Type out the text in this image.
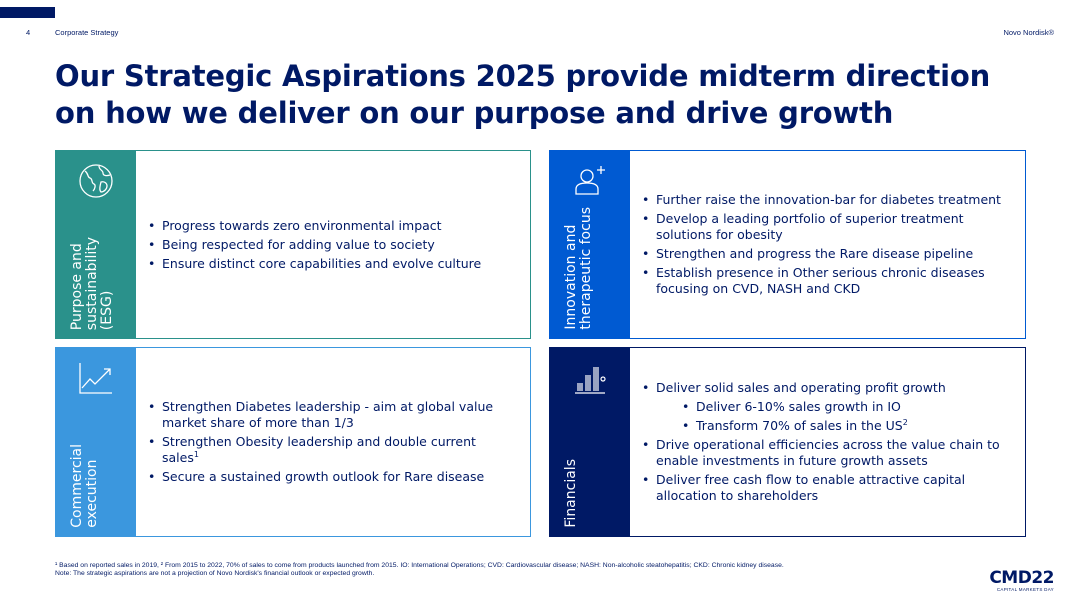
4	Corporate Strategy	Novo Nordisk®
Our Strategic Aspirations 2025 provide midterm direction on how we deliver on our purpose and drive growth
Purpose and
sustainability
(ESG)
• Progress towards zero environmental impact
• Being respected for adding value to society
• Ensure distinct core capabilities and evolve culture	Innovation and
therapeutic focus
• Further raise the innovation-bar for diabetes treatment
• Develop a leading portfolio of superior treatment solutions for obesity
• Strengthen and progress the Rare disease pipeline
• Establish presence in Other serious chronic diseases focusing on CVD, NASH and CKD
Commercial
execution
• Strengthen Diabetes leadership - aim at global value market share of more than 1/3
• Strengthen Obesity leadership and double current sales$^1$
• Secure a sustained growth outlook for Rare disease	Financials
• Deliver solid sales and operating profit growth
• Deliver 6-10% sales growth in IO
• Transform 70% of sales in the $US^2$
• Drive operational efficiencies across the value chain to enable investments in future growth assets
• Deliver free cash flow to enable attractive capital allocation to shareholders
¹ Based on reported sales in 2019, ² From 2015 to 2022, 70% of sales to come from products launched from 2015. IO: International Operations; CVD: Cardiovascular disease; NASH: Non-alcoholic steatohepatitis; CKD: Chronic kidney disease.
Note: The strategic aspirations are not a projection of Novo Nordisk's financial outlook or expected growth.	CMD22
CAPITAL MARKETS DAY
